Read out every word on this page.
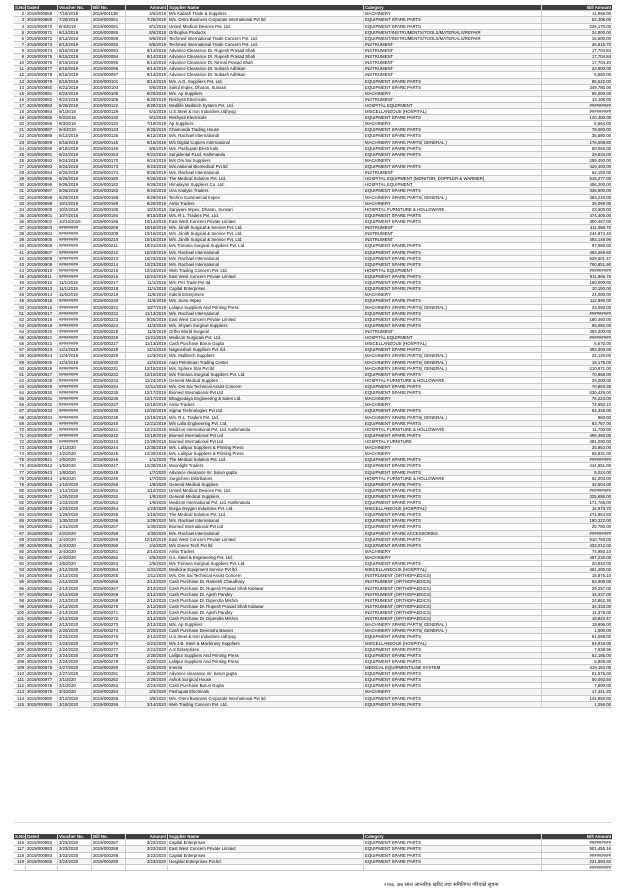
S.No Dated	Voucher No.	Bill No.	Amount Supplier Name	Category	Bill Amount
2 2019/000868	7/18/2019	2019/001139	3/5/2019 M/s Kailash Trade & Suppliers	MACHINERY	11,866.00
3 2019/000869	7/28/2019	2019/000061	7/25/2019 M/s. Omni Business Corporate International Pvt ltd	EQUIPMENT SPARE PARTS	52,308.00
4 2019/000870	8/4/2019	2019/000081	8/1/2019 United Medical Devices Pvt. Ltd.	EQUIPMENT SPARE PARTS	226,170.00
5 2019/000871	8/12/2019	2019/000085	8/6/2019 Orthoplus Products	EQUIPMENT/INSTRUMENTS/TOOLS/MATERIALS/REPAIR	24,800.00
6 2019/000872	8/12/2019	2019/000089	8/5/2019 Techmed International Trade Concern Pvt. Ltd.	EQUIPMENT/INSTRUMENTS/TOOLS/MATERIALS/REPAIR	15,600.00
7 2019/000873	8/13/2019	2019/000092	8/5/2019 Techmed International Trade Concern Pvt. Ltd.	INSTRUMENT	26,815.70
8 2019/000874	8/15/2019	2019/000093	8/14/2019 Advance Clearance Dr. Rupesh Prasad Shah	INSTRUMENT	17,704.84
9 2019/000875	8/15/2019	2019/000094	8/14/2019 Advance Clearance Dr. Rupesh Prasad Shah	INSTRUMENT	17,704.84
10 2019/000876	8/15/2019	2019/000095	8/14/2019 Advance Clearance Dr. Nirmal Prasad Shah	INSTRUMENT	17,704.20
11 2019/000877	8/15/2019	2019/000096	8/14/2019 Advance Clearance Dr. Subash Adhikari	INSTRUMENT	22,600.00
12 2019/000878	8/15/2019	2019/000097	8/14/2019 Advance Clearance Dr. Subash Adhikari	INSTRUMENT	5,680.00
13 2019/000879	8/18/2019	2019/000101	8/14/2019 M/s. A.G. Suppliers Pvt. Ltd.	EQUIPMENT SPARE PARTS	85,522.00
14 2019/000880	8/21/2019	2019/000104	8/5/2019 Sukul Impex, Dharan, Sunsari	EQUIPMENT SPARE PARTS	349,780.00
15 2019/000881	8/22/2019	2019/000105	8/20/2019 M/s. Ap Suppliers	MACHINERY	65,000.00
16 2019/000882	8/22/2019	2019/000106	8/20/2019 Rekhyati Electricals	INSTRUMENT	13,108.00
17 2019/000883	8/28/2019	2019/000122	8/28/2019 Medilife Medtech System Pvt. Ltd.	HOSPITAL EQUIPMENT	#########
18 2019/000884	9/1/2019	2019/000129	6/4/2019 U.S.Steel & Iron Industries Udhyog	MISCELLANEOUS (HOSPITAL)	#########
19 2019/000885	9/2/2019	2019/000130	9/1/2019 Rekhyati Electricals	EQUIPMENT SPARE PARTS	120,400.00
20 2019/000886	9/3/2019	2019/000132	7/18/2019 Ap Suppliers	MACHINERY	6,564.00
21 2019/000887	9/4/2019	2019/000133	8/25/2019 Chamunda Trading House	EQUIPMENT SPARE PARTS	78,000.00
22 2019/000888	9/12/2019	2019/000135	9/12/2019 M/s. Rachael International	EQUIPMENT SPARE PARTS	35,580.00
23 2019/000889	9/16/2019	2019/000145	9/16/2019 M/s Digital Copiers International	MACHINERY SPARE PARTS( GENERAL )	176,008.80
24 2019/000890	9/18/2019	2019/000148	9/6/2019 M/s. Pashupati Electricals	EQUIPMENT SPARE PARTS	50,065.00
25 2019/000891	9/22/2019	2019/000153	9/22/2019 Sanjidental P.Ltd, Kathmandu	EQUIPMENT SPARE PARTS	29,834.00
26 2019/000892	9/24/2019	2019/000170	9/24/2019 M/s Om Sai Suppliers	MACHINERY	299,450.00
27 2019/000893	9/24/2019	2019/000173	9/23/2019 M/s.national Biomedical Pvt.ltd	EQUIPMENT SPARE PARTS	429,400.00
28 2019/000894	9/26/2019	2019/000174	9/26/2019 M/s. Rachael International	INSTRUMENT	62,150.00
29 2019/000895	9/26/2019	2019/000180	9/26/2019 The Medical Solution Pvt. Ltd.	HOSPITAL EQUIPMENT (MONITOR, DOPPLER & WARMER)	515,277.00
30 2019/000896	9/26/2019	2019/000182	9/26/2019 Himalayan Suppliers Co. Ltd.	HOSPITAL EQUIPMENT	456,200.00
31 2019/000897	9/26/2019	2019/000183	9/24/2019 Uns Analytic Traders	EQUIPMENT SPARE PARTS	339,900.00
32 2019/000898	9/29/2019	2019/000188	9/29/2019 Techno Commercial Impex	MACHINERY SPARE PARTS( GENERAL )	393,240.00
33 2019/000899	10/1/2019	2019/000189	8/26/2019 Amla Traders	MACHINERY	25,069.00
34 2019/000900	10/3/2019	2019/000190	10/3/2019 Sanjivani Impex, Dharan, Sunsari	HOSPITAL FURNITURE & HOLLOWARE	23,500.00
35 2019/000901	10/7/2019	2019/000194	9/15/2019 M/s. R.L. Traders Pvt. Ltd.	EQUIPMENT SPARE PARTS	474,400.00
36 2019/000902	10/14/2019	2019/000195	10/14/2019 East West Concern Private Limited	EQUIPMENT SPARE PARTS	300,467.00
37 2019/000903	########	2019/000208	10/16/2019 M/s. Jiinith Surgical & Service Pvt. Ltd.	INSTRUMENT	411,066.70
38 2019/000904	########	2019/000209	10/16/2019 M/s. Jiinith Surgical & Service Pvt. Ltd.	INSTRUMENT	244,874.40
39 2019/000905	########	2019/000210	10/16/2019 M/s. Jiinith Surgical & Service Pvt. Ltd.	INSTRUMENT	493,148.96
40 2019/000906	########	2019/000211	10/21/2019 M/s Trimana Surgical Suppliers Pvt. Ltd.	EQUIPMENT SPARE PARTS	97,080.00
41 2019/000907	########	2019/000212	10/23/2019 M/s. Rachael International	EQUIPMENT SPARE PARTS	493,469.50
42 2019/000908	########	2019/000213	10/23/2019 M/s. Rachael International	EQUIPMENT SPARE PARTS	629,601.47
43 2019/000909	########	2019/000214	10/23/2019 M/s. Rachael International	EQUIPMENT SPARE PARTS	790,851.90
44 2019/000910	########	2019/000215	10/24/2019 Web Trading Concern Pvt. Ltd.	HOSPITAL EQUIPMENT	#########
45 2019/000911	########	2019/000216	10/24/2019 East West Concern Private Limited	EQUIPMENT SPARE PARTS	611,866.76
46 2019/000912	11/1/2019	2019/000217	11/1/2019 M/s. Pet Trade Pvt Itd	EQUIPMENT SPARE PARTS	160,000.00
47 2019/000913	11/1/2019	2019/000218	11/1/2019 Capital Enterprises	EQUIPMENT SPARE PARTS	10,150.00
48 2019/000914	11/6/2019	2019/000219	11/5/2019 Kakriti Enterprises	MACHINERY	24,000.00
49 2019/000915	########	2019/000220	11/6/2019 M/s. Sunu Impex	EQUIPMENT SPARE PARTS	112,890.00
50 2019/000916	########	2019/000221	10/7/2019 Lalitpur Suppliers And Printing Press	MACHINERY SPARE PARTS( GENERAL )	23,093.00
51 2019/000917	########	2019/000222	11/13/2019 M/s. Rachael International	EQUIPMENT SPARE PARTS	#########
52 2019/000918	########	2019/000223	9/25/2019 East West Concern Private Limited	EQUIPMENT SPARE PARTS	180,460.00
53 2019/000919	########	2019/000224	11/3/2019 M/s. Shyam Surgical Suppliers	EQUIPMENT SPARE PARTS	95,050.00
54 2019/000920	########	2019/000225	11/3/2019 Ortho World Surgical	INSTRUMENT	393,300.00
55 2019/000921	########	2019/000226	11/21/2019 Medicon Surgicals Pvt. Ltd.	HOSPITAL EQUIPMENT	#########
56 2019/000922	########	2019/000227	11/13/2019 Cash Purchase Barun Gupta	MISCELLANEOUS (HOSPITAL)	5,670.00
57 2019/000923	12/1/2019	2019/000228	12/1/2019 Nagmerbuh Suppliers Pvt. ltd.	EQUIPMENT SPARE PARTS	393,300.00
58 2019/000924	12/4/2019	2019/000229	12/3/2019 M/s. Multitech Suppliers	MACHINERY SPARE PARTS( GENERAL )	22,120.00
59 2019/000925	12/4/2019	2019/000230	12/4/2019 Auto Petroleum Trading Center	MACHINERY SPARE PARTS( GENERAL )	15,175.00
60 2019/000926	########	2019/000231	12/10/2019 M/s. Sphere Star Pvt.ltd	MACHINERY SPARE PARTS( GENERAL )	210,971.00
61 2019/000927	########	2019/000232	12/10/2019 M/s Trimana Surgical Suppliers Pvt. Ltd.	EQUIPMENT SPARE PARTS	70,868.00
62 2019/000928	########	2019/000233	11/24/2019 General Medical Supplies	HOSPITAL FURNITURE & HOLLOWARE	29,000.00
63 2019/000929	########	2019/000234	12/11/2019 M/s. Om Sai Technical Assist Concern	EQUIPMENT SPARE PARTS	70,863.36
64 2019/000930	########	2019/000235	12/17/2019 Biomed International Pvt Ltd	EQUIPMENT SPARE PARTS	630,426.00
65 2019/000931	########	2019/000236	12/17/2019 Bhagyodaya Engineering & Sales Ltd.	MACHINERY	76,224.00
66 2019/000932	########	2019/000237	12/18/2019 Amla Traders	MACHINERY	74,950.10
67 2019/000933	########	2019/000238	12/20/2019 Sigma Technologies Pvt Ltd	EQUIPMENT SPARE PARTS	64,348.00
68 2019/000934	########	2019/000239	12/19/2019 M/s. R.L. Traders Pvt. Ltd.	MACHINERY SPARE PARTS( GENERAL )	960.00
69 2019/000935	########	2019/000240	12/21/2019 M/s Lalia Engineering Pvt. Ltd.	EQUIPMENT SPARE PARTS	83,767.00
70 2019/000936	########	2019/000241	12/21/2019 Medizon International Pvt. Ltd. Kathmandu	HOSPITAL FURNITURE & HOLLOWARE	11,700.00
71 2019/000937	########	2019/000242	12/18/2019 Biomed International Pvt Ltd	EQUIPMENT SPARE PARTS	499,460.00
72 2019/000938	########	2019/000243	12/29/2019 Biomed International Pvt Ltd	HOSPITAL FURNITURE	491,000.00
73 2019/000939	1/1/2020	2019/000244	12/30/2019 M/s. Lalitpur Suppliers & Printing Press	MACHINERY	25,853.00
74 2019/000940	1/2/2020	2019/000245	12/30/2019 M/s. Lalitpur Suppliers & Printing Press	MACHINERY	55,831.00
75 2019/000941	1/5/2020	2019/000246	1/1/2020 The Medical Solution Pvt. Ltd.	EQUIPMENT SPARE PARTS	#########
76 2019/000942	1/5/2020	2019/000247	12/30/2019 Moonlight Traders	EQUIPMENT SPARE PARTS	444,951.00
77 2019/000943	1/8/2020	2019/000248	1/7/2020 Advance clearance mr. barun gupta	EQUIPMENT SPARE PARTS	5,024.00
78 2019/000944	1/9/2020	2019/000249	1/7/2020 Surgichem Distributors	HOSPITAL FURNITURE & HOLLOWARE	62,003.00
79 2019/000945	1/10/2020	2019/000250	1/8/2020 General Medical Supplies	EQUIPMENT SPARE PARTS	32,504.00
80 2019/000946	1/12/2020	2019/000251	1/10/2020 United Medical Devices Pvt. Ltd.	EQUIPMENT SPARE PARTS	#########
81 2019/000947	1/20/2020	2019/000252	1/9/2020 General Medical Suppliers	EQUIPMENT SPARE PARTS	325,686.00
82 2019/000948	1/22/2020	2019/000253	1/9/2020 Medizon International Pvt. Ltd. Kathmandu	EQUIPMENT SPARE PARTS	171,765.00
83 2019/000949	1/23/2020	2019/000254	1/23/2020 Durga Oxygen Industries Pvt. Ltd.	MISCELLANEOUS (HOSPITAL)	14,973.70
84 2019/000950	1/29/2020	2019/000255	1/15/2020 The Medical Solution Pvt. Ltd.	EQUIPMENT SPARE PARTS	271,964.50
85 2019/000951	1/30/2020	2019/000256	1/29/2020 M/s. Rachael International	EQUIPMENT SPARE PARTS	180,322.00
86 2019/000952	1/31/2020	2019/000257	1/30/2020 Biomed International Pvt Ltd	EQUIPMENT SPARE PARTS	25,780.00
87 2019/000953	2/2/2020	2019/000258	1/30/2020 M/s. Rachael International	EQUIPMENT SPARE ACCESSORIES	#########
88 2019/000954	2/4/2020	2019/000259	12/10/2019 East West Concern Private Limited	EQUIPMENT SPARE PARTS	510,760.00
89 2019/000955	2/4/2020	2019/000260	2/4/2020 M/s Green Tech Pvt ltd	EQUIPMENT SPARE PARTS	433,012.00
90 2019/000956	2/4/2020	2019/000261	2/14/2020 Amla Traders	MACHINERY	74,950.10
91 2019/000957	2/4/2020	2019/000262	2/5/2020 U.s. Steel & Engineering Pvt. Ltd.	MACHINERY	497,230.00
92 2019/000958	2/5/2020	2019/000263	2/5/2020 M/s Trimana Surgical Suppliers Pvt. Ltd.	EQUIPMENT SPARE PARTS	20,940.00
93 2019/000959	2/12/2020	2019/000264	1/31/2020 Medicine Equipment Service Pvt ltd	MISCELLANEOUS (HOSPITAL)	491,400.00
94 2019/000960	2/12/2020	2019/000265	2/11/2020 M/s. Om Sai Technical Assist Concern	INSTRUMENT (ORTHOPAEDICS)	18,875.10
95 2019/000961	2/12/2020	2019/000266	2/12/2020 Cash Purchase Dr. Ramesh Chaudhary	INSTRUMENT (ORTHOPAEDICS)	52,000.00
96 2019/000962	2/12/2020	2019/000267	2/12/2020 Cash Purchase Dr. Rupesh Prasad Shah Kalawar	INSTRUMENT (ORTHOPAEDICS)	29,257.00
97 2019/000963	2/12/2020	2019/000268	2/12/2020 Cash Purchase Dr. Ajesh Pandey	INSTRUMENT (ORTHOPAEDICS)	15,337.00
98 2019/000964	2/12/2020	2019/000269	2/12/2020 Cash Purchase Dr. Dipendra Mishra	INSTRUMENT (ORTHOPAEDICS)	24,862.36
99 2019/000965	2/12/2020	2019/000270	2/12/2020 Cash Purchase Dr. Rupesh Prasad Shah Kalawar	INSTRUMENT (ORTHOPAEDICS)	34,333.00
100 2019/000966	2/12/2020	2019/000271	2/12/2020 Cash Purchase Dr. Ajesh Pandey	INSTRUMENT (ORTHOPAEDICS)	11,378.00
101 2019/000967	2/12/2020	2019/000272	2/12/2020 Cash Purchase Dr. Dipendra Mishra	INSTRUMENT (ORTHOPAEDICS)	18,822.47
102 2019/000968	2/13/2020	2019/000273	2/13/2020 M/s. Ap Suppliers	MACHINERY SPARE PARTS( GENERAL )	19,996.00
103 2019/000969	2/20/2020	2019/000274	2/20/2020 Cash Purchase Devendra Basnet	MACHINERY SPARE PARTS( GENERAL )	1,500.00
104 2019/000970	2/23/2020	2019/000275	2/12/2020 U.S.Steel & Iron Industries Udhyog	EQUIPMENT SPARE PARTS	61,088.00
105 2019/000971	2/23/2020	2019/000276	2/21/2020 M/s J.B. Steel & Machinery Suppliers	MISCELLANEOUS (HOSPITAL)	54,918.00
106 2019/000972	2/24/2020	2019/000277	2/21/2020 A.S Enterprises	EQUIPMENT SPARE PARTS	7,638.96
107 2019/000973	2/24/2020	2019/000278	2/20/2020 Lalitpur Suppliers And Printing Press	EQUIPMENT SPARE PARTS	62,186.00
108 2019/000974	2/24/2020	2019/000279	2/20/2020 Lalitpur Suppliers And Printing Press	EQUIPMENT SPARE PARTS	5,805.00
109 2019/000975	2/27/2020	2019/000280	2/25/2020 Imenta	MEDICAL EQUIPMENT/LINE SYSTEM	419,153.00
110 2019/000976	2/27/2020	2019/000281	2/25/2020 Advance clearance mr. barun gupta	EQUIPMENT SPARE PARTS	91,576.00
111 2019/000977	3/1/2020	2019/000282	2/25/2020 Ashok Surgical House	EQUIPMENT SPARE PARTS	50,093.50
112 2019/000978	3/1/2020	2019/000283	2/24/2020 Cash Purchase Barun Gupta	EQUIPMENT SPARE PARTS	7,800.00
113 2019/000979	3/4/2020	2019/000284	3/3/2020 Pashupati Electricals	MACHINERY	17,441.20
114 2019/000980	3/12/2020	2019/000285	3/5/2020 M/s. Omni Business Corporate International Pvt ltd	EQUIPMENT SPARE PARTS	144,860.00
115 2019/000981	3/15/2020	2019/000286	3/14/2020 Web Trading Concern Pvt. Ltd.	EQUIPMENT SPARE PARTS	1,056.00
S.No Dated	Voucher No.	Bill No.	Amount Supplier Name	Category	Bill Amount
116 2019/000982	3/23/2020	2019/000287	3/22/2020 Capital Enterprises	EQUIPMENT SPARE PARTS	#########
117 2019/000983	3/23/2020	2019/000288	3/22/2020 East West Concern Private Limited	EQUIPMENT SPARE PARTS	501,455.16
118 2019/000984	3/23/2020	2019/000289	3/22/2020 Capital Enterprises	EQUIPMENT SPARE PARTS	#########
119 2019/000985	3/24/2020	2019/000290	3/23/2020 Hospital Enterprises Pvt.ltd	EQUIPMENT SPARE PARTS	221,893.50
#########
२०७६ ।७७ साल आन्तरिक खरिद तथा समितिगत गरिएको सूचना
